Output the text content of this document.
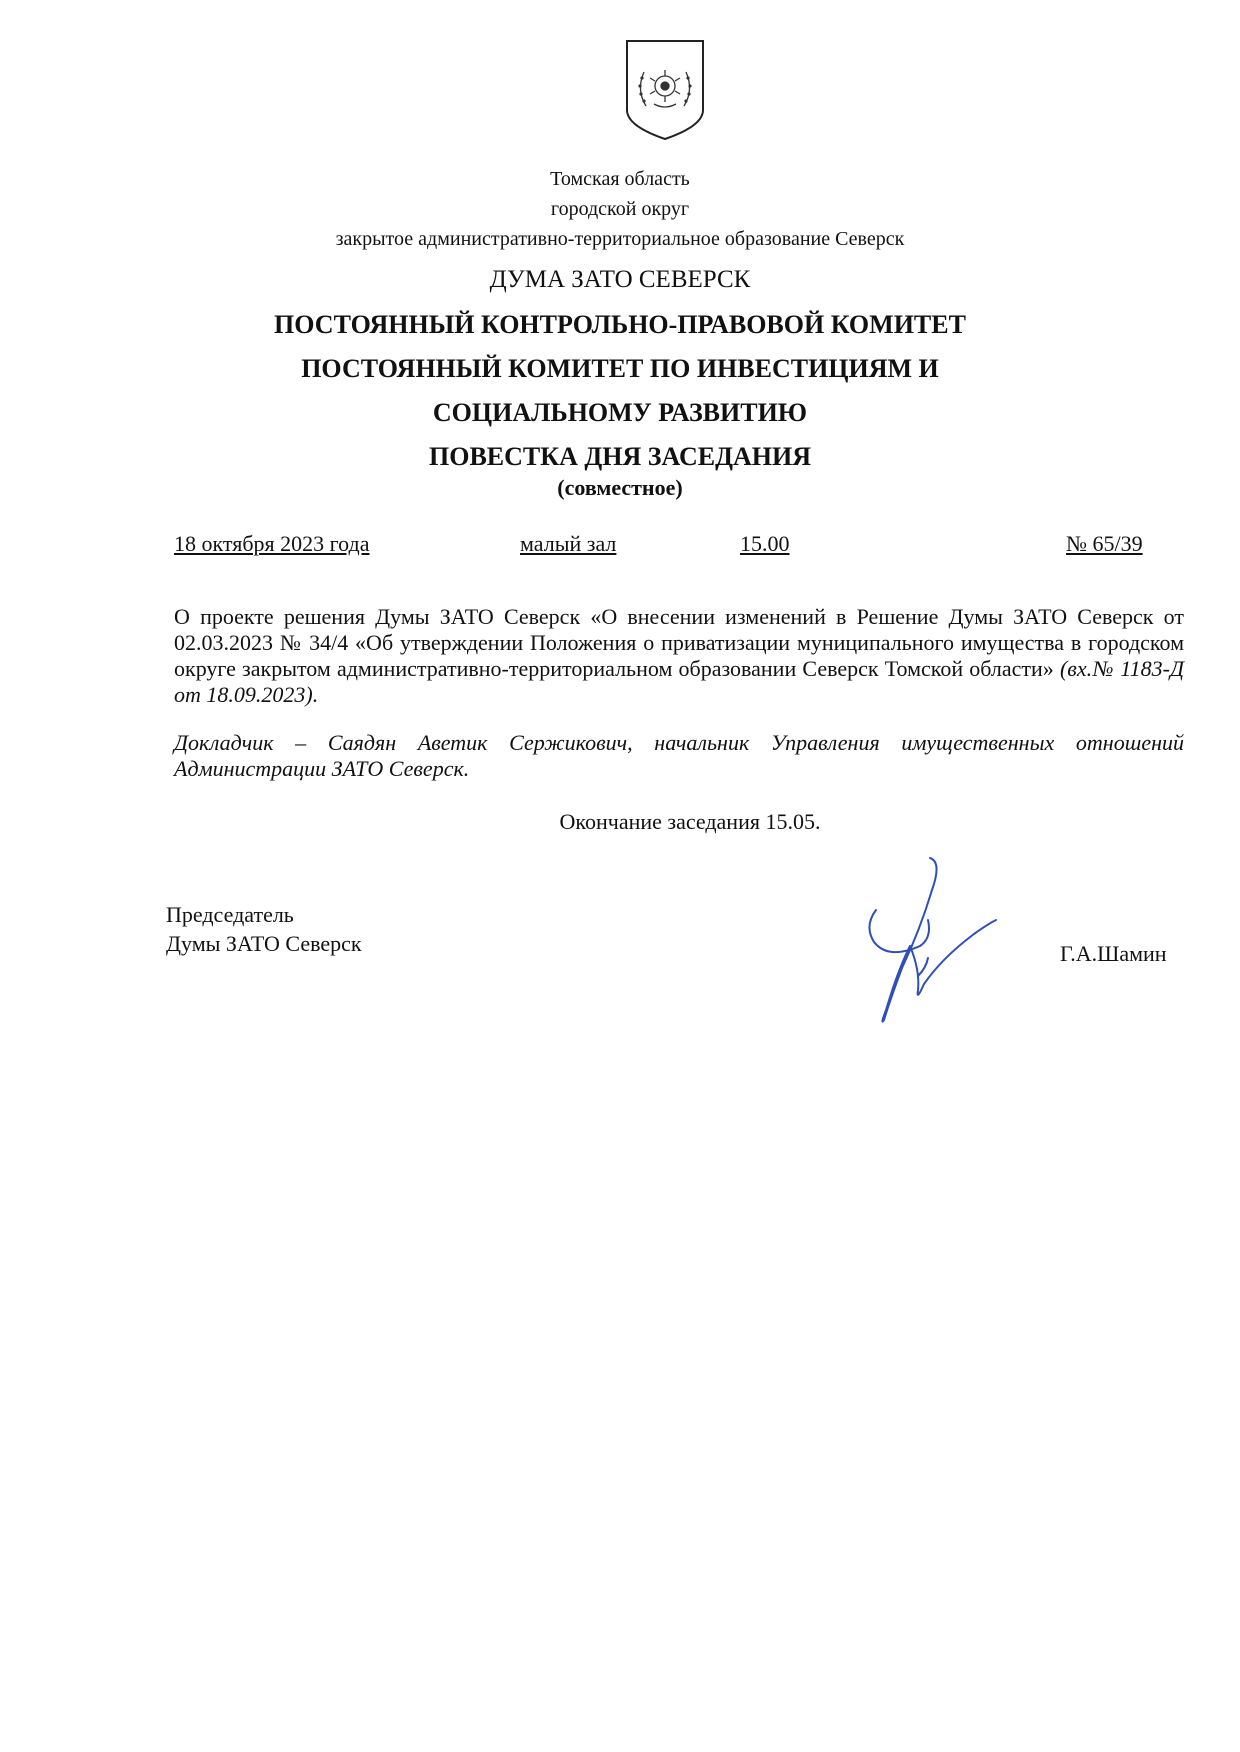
Томская область
городской округ
закрытое административно-территориальное образование Северск
ДУМА ЗАТО СЕВЕРСК
ПОСТОЯННЫЙ КОНТРОЛЬНО-ПРАВОВОЙ КОМИТЕТ
ПОСТОЯННЫЙ КОМИТЕТ ПО ИНВЕСТИЦИЯМ И
СОЦИАЛЬНОМУ РАЗВИТИЮ
ПОВЕСТКА ДНЯ ЗАСЕДАНИЯ
(совместное)
18 октября 2023 года	малый зал	15.00	№ 65/39
О проекте решения Думы ЗАТО Северск «О внесении изменений в Решение Думы ЗАТО Северск от 02.03.2023 № 34/4 «Об утверждении Положения о приватизации муниципального имущества в городском округе закрытом административно-территориальном образовании Северск Томской области» (вх.№ 1183-Д от 18.09.2023).
Докладчик – Саядян Аветик Сержикович, начальник Управления имущественных отношений Администрации ЗАТО Северск.
Окончание заседания 15.05.
Председатель
Думы ЗАТО Северск	Г.А.Шамин
